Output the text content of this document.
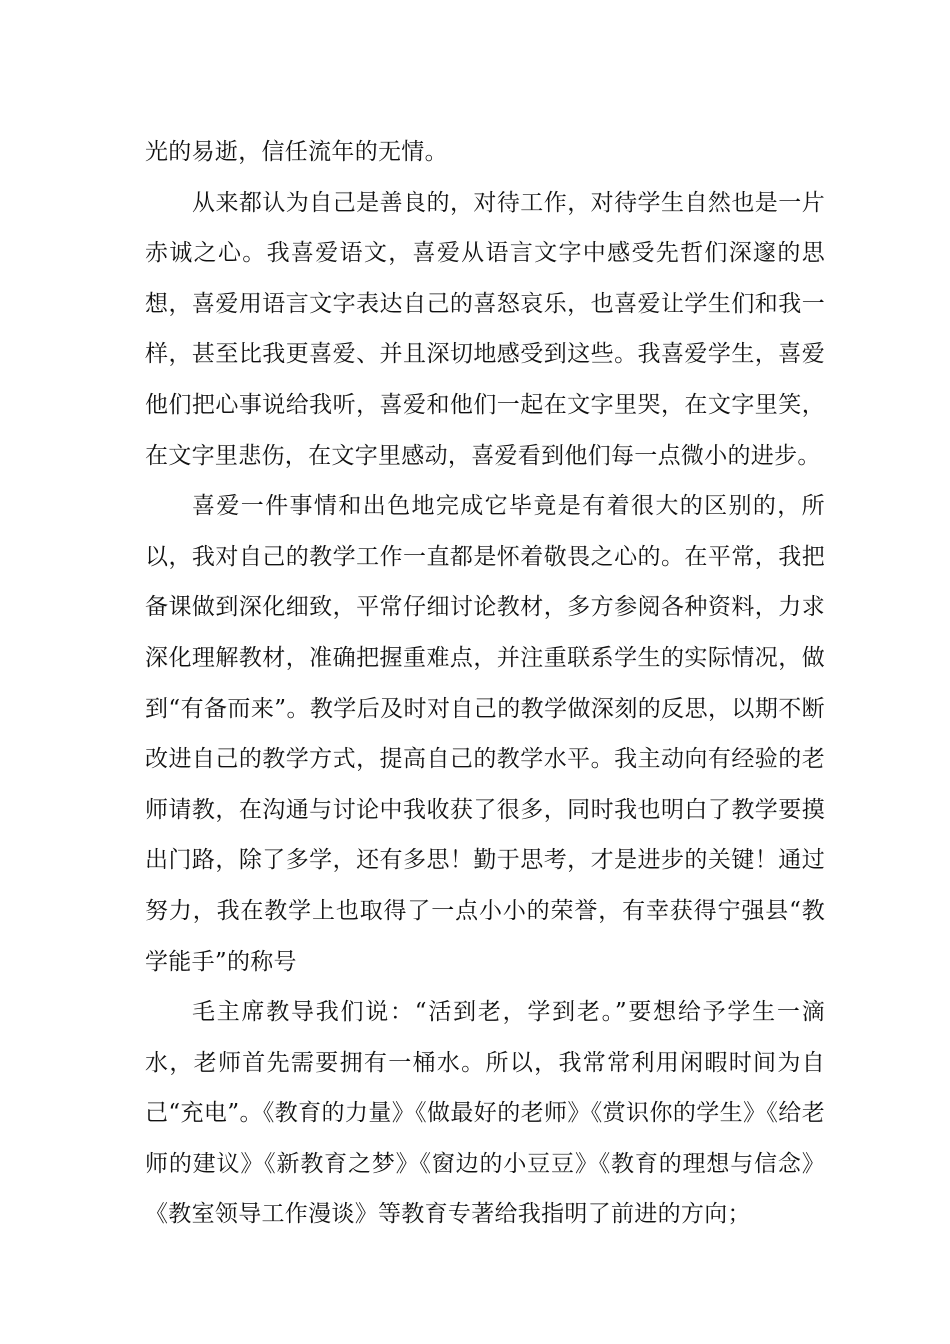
光的易逝，信任流年的无情。

从来都认为自己是善良的，对待工作，对待学生自然也是一片赤诚之心。我喜爱语文，喜爱从语言文字中感受先哲们深邃的思想，喜爱用语言文字表达自己的喜怒哀乐，也喜爱让学生们和我一样，甚至比我更喜爱、并且深切地感受到这些。我喜爱学生，喜爱他们把心事说给我听，喜爱和他们一起在文字里哭，在文字里笑，在文字里悲伤，在文字里感动，喜爱看到他们每一点微小的进步。

喜爱一件事情和出色地完成它毕竟是有着很大的区别的，所以，我对自己的教学工作一直都是怀着敬畏之心的。在平常，我把备课做到深化细致，平常仔细讨论教材，多方参阅各种资料，力求深化理解教材，准确把握重难点，并注重联系学生的实际情况，做到“有备而来”。教学后及时对自己的教学做深刻的反思，以期不断改进自己的教学方式，提高自己的教学水平。我主动向有经验的老师请教，在沟通与讨论中我收获了很多，同时我也明白了教学要摸出门路，除了多学，还有多思！勤于思考，才是进步的关键！通过努力，我在教学上也取得了一点小小的荣誉，有幸获得宁强县“教学能手”的称号

毛主席教导我们说：“活到老，学到老。”要想给予学生一滴水，老师首先需要拥有一桶水。所以，我常常利用闲暇时间为自己“充电”。《教育的力量》《做最好的老师》《赏识你的学生》《给老师的建议》《新教育之梦》《窗边的小豆豆》《教育的理想与信念》《教室领导工作漫谈》等教育专著给我指明了前进的方向；
